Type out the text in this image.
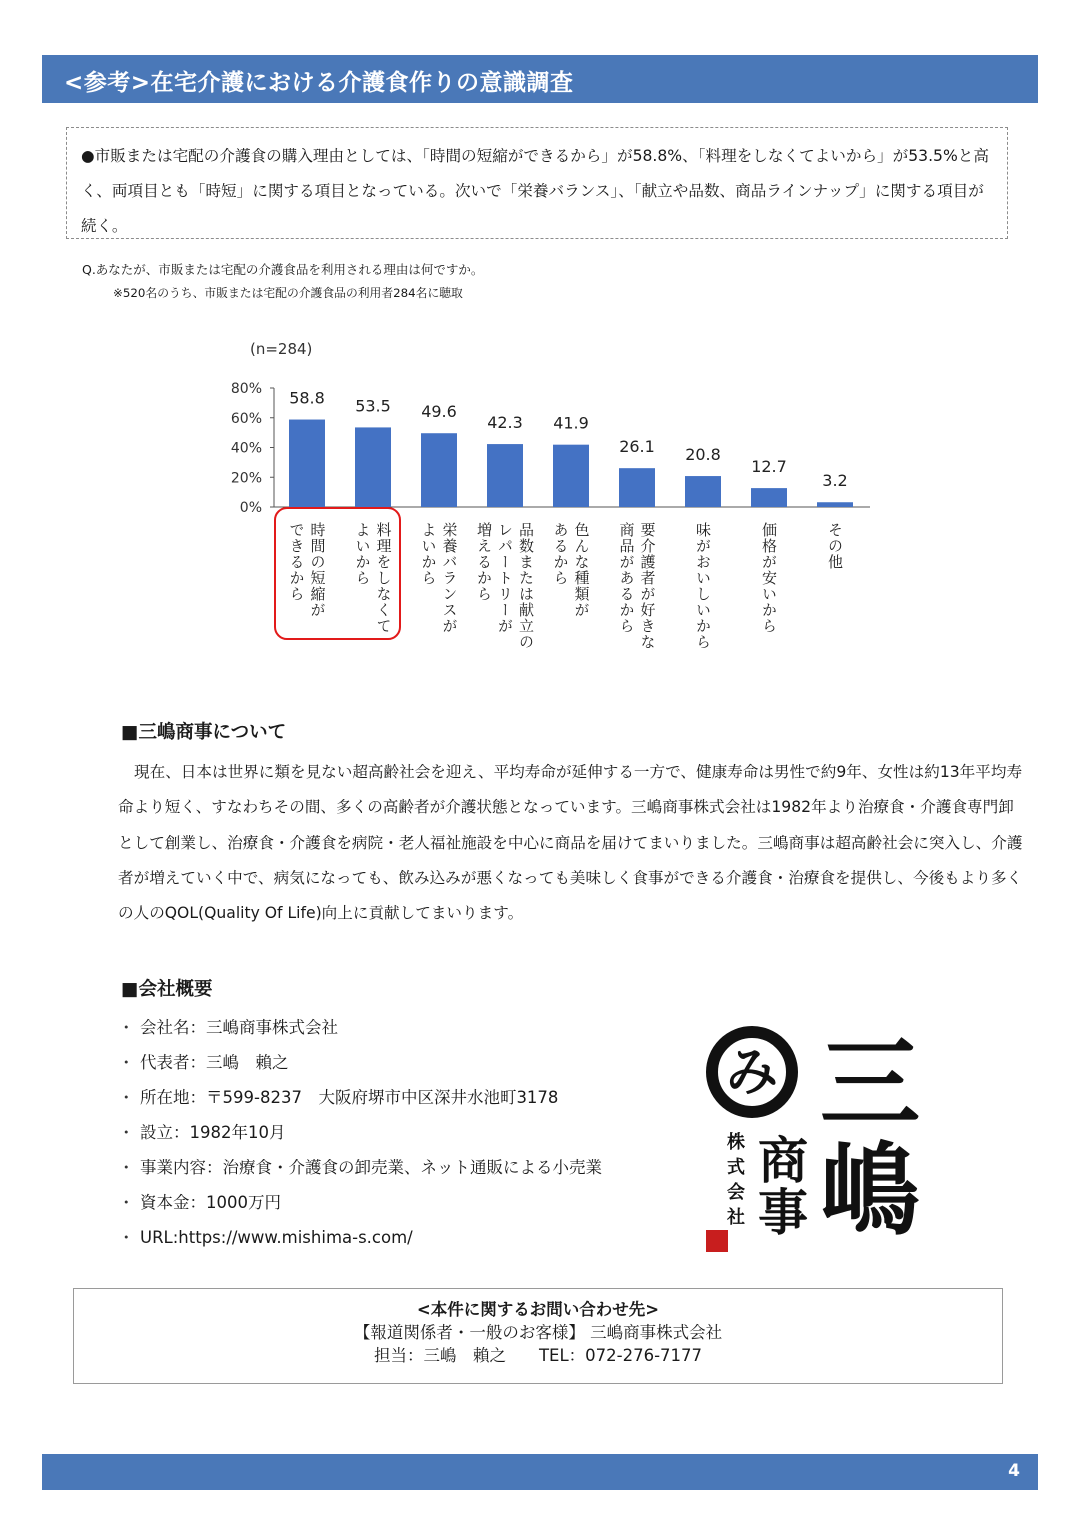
<参考>在宅介護における介護食作りの意識調査

●市販または宅配の介護食の購入理由としては、「時間の短縮ができるから」が58.8%、「料理をしなくてよいから」が53.5%と高く、両項目とも「時短」に関する項目となっている。次いで「栄養バランス」、「献立や品数、商品ラインナップ」に関する項目が続く。

Q.あなたが、市販または宅配の介護食品を利用される理由は何ですか。
※520名のうち、市販または宅配の介護食品の利用者284名に聴取
(n=284)
0%
20%
40%
60%
80% 58.8
時間の短縮が
できるから
53.5
料理をしなくて
よいから
49.6
栄養バランスが
よいから
42.3
品数または献立の
レパートリーが
増えるから
41.9
色んな種類が
あるから
26.1
要介護者が好きな
商品があるから
20.8
味がおいしいから
12.7
価格が安いから
3.2
その他
■三嶋商事について

現在、日本は世界に類を見ない超高齢社会を迎え、平均寿命が延伸する一方で、健康寿命は男性で約9年、女性は約13年平均寿命より短く、すなわちその間、多くの高齢者が介護状態となっています。三嶋商事株式会社は1982年より治療食・介護食専門卸として創業し、治療食・介護食を病院・老人福祉施設を中心に商品を届けてまいりました。三嶋商事は超高齢社会に突入し、介護者が増えていく中で、病気になっても、飲み込みが悪くなっても美味しく食事ができる介護食・治療食を提供し、今後もより多くの人のQOL(Quality Of Life)向上に貢献してまいります。

■会社概要
・ 会社名：三嶋商事株式会社
・ 代表者：三嶋　賴之
・ 所在地：〒599-8237　大阪府堺市中区深井水池町3178
・ 設立：1982年10月
・ 事業内容：治療食・介護食の卸売業、ネット通販による小売業
・ 資本金：1000万円
・ URL:https://www.mishima-s.com/
み 三
嶋
商
事
株
式
会
社
<本件に関するお問い合わせ先>
【報道関係者・一般のお客様】 三嶋商事株式会社
担当：三嶋　賴之　　TEL：072-276-7177
4
